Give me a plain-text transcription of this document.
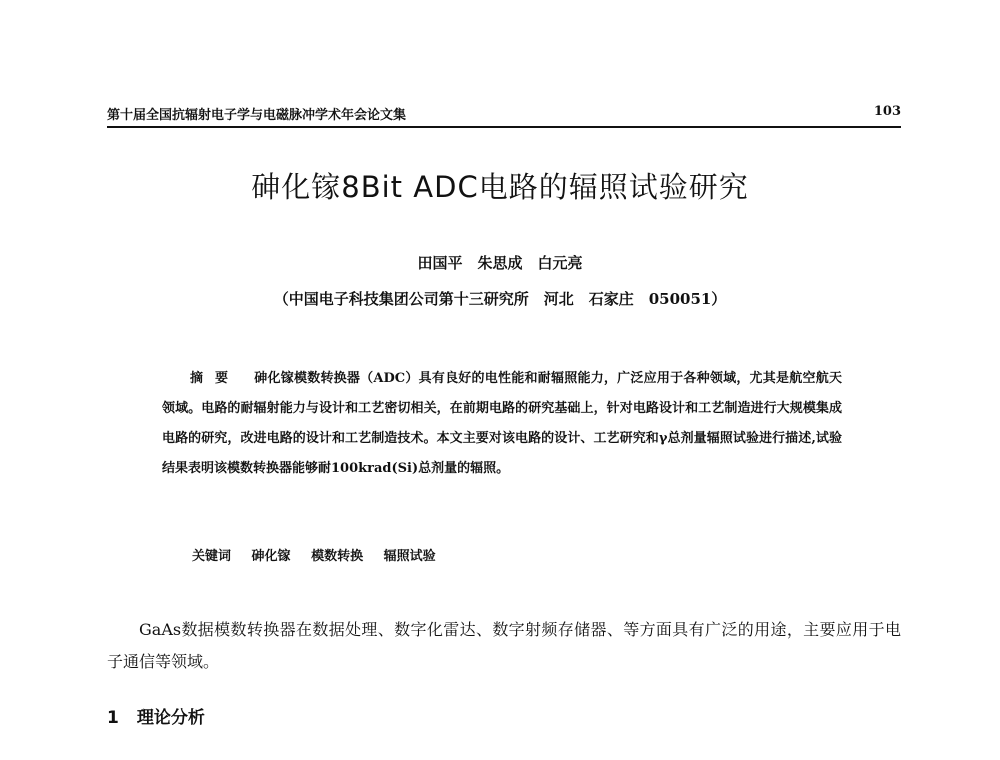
第十届全国抗辐射电子学与电磁脉冲学术年会论文集	103
砷化镓8Bit ADC电路的辐照试验研究
田国平　朱思成　白元亮
（中国电子科技集团公司第十三研究所　河北　石家庄　050051）
摘要 砷化镓模数转换器（ADC）具有良好的电性能和耐辐照能力，广泛应用于各种领域，尤其是航空航天领域。电路的耐辐射能力与设计和工艺密切相关，在前期电路的研究基础上，针对电路设计和工艺制造进行大规模集成电路的研究，改进电路的设计和工艺制造技术。本文主要对该电路的设计、工艺研究和γ总剂量辐照试验进行描述,试验结果表明该模数转换器能够耐100krad(Si)总剂量的辐照。
关键词 砷化镓 模数转换 辐照试验
GaAs数据模数转换器在数据处理、数字化雷达、数字射频存储器、等方面具有广泛的用途，主要应用于电子通信等领域。
1 理论分析
